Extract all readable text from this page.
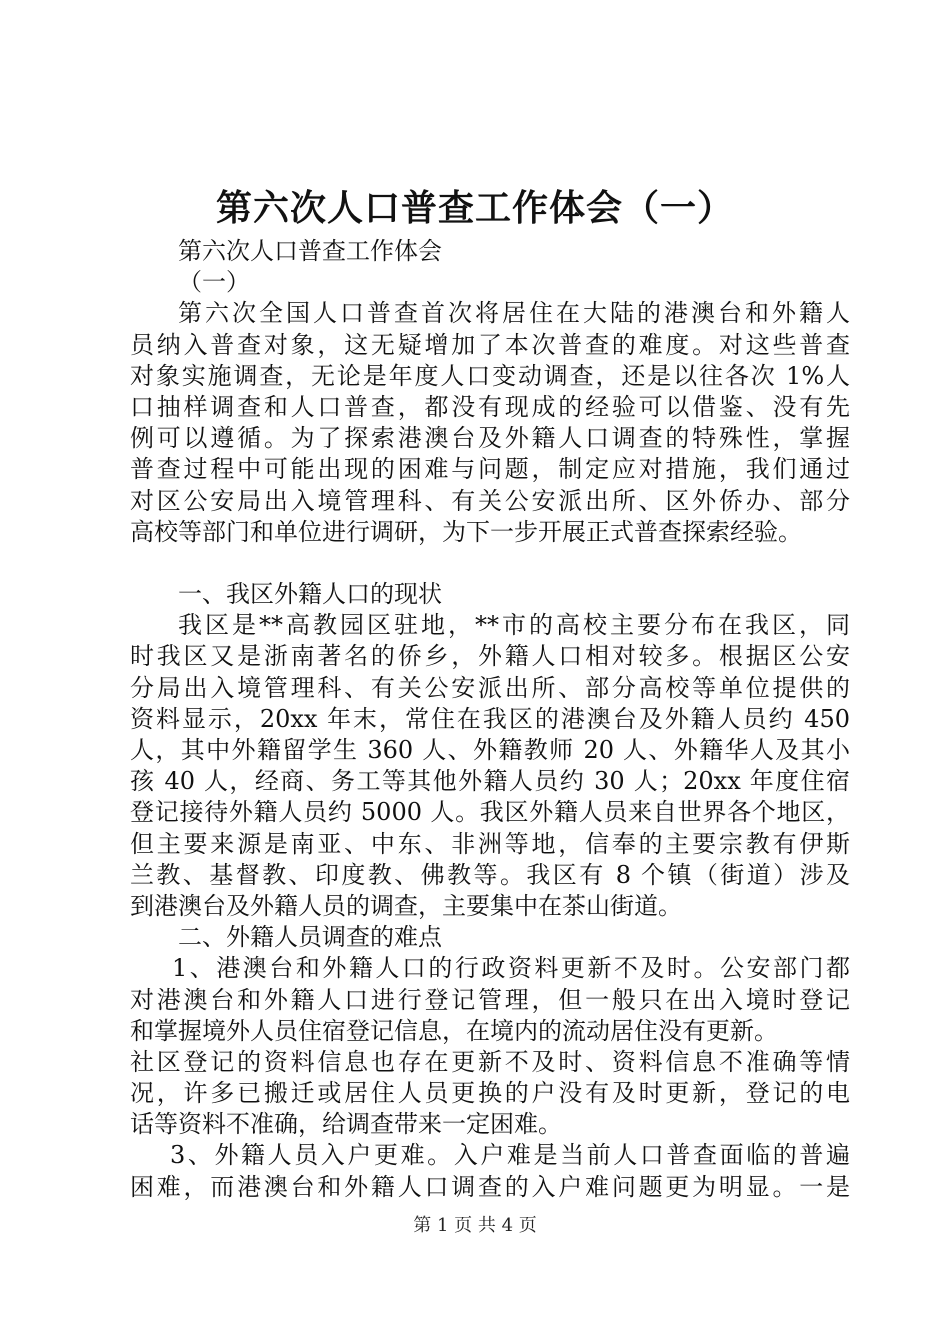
第六次人口普查工作体会（一）
第六次人口普查工作体会
（一）
第六次全国人口普查首次将居住在大陆的港澳台和外籍人
员纳入普查对象，这无疑增加了本次普查的难度。对这些普查
对象实施调查，无论是年度人口变动调查，还是以往各次 1%人
口抽样调查和人口普查，都没有现成的经验可以借鉴、没有先
例可以遵循。为了探索港澳台及外籍人口调查的特殊性，掌握
普查过程中可能出现的困难与问题，制定应对措施，我们通过
对区公安局出入境管理科、有关公安派出所、区外侨办、部分
高校等部门和单位进行调研，为下一步开展正式普查探索经验。
一、我区外籍人口的现状
我区是**高教园区驻地，**市的高校主要分布在我区，同
时我区又是浙南著名的侨乡，外籍人口相对较多。根据区公安
分局出入境管理科、有关公安派出所、部分高校等单位提供的
资料显示，20xx 年末，常住在我区的港澳台及外籍人员约 450
人，其中外籍留学生 360 人、外籍教师 20 人、外籍华人及其小
孩 40 人，经商、务工等其他外籍人员约 30 人；20xx 年度住宿
登记接待外籍人员约 5000 人。我区外籍人员来自世界各个地区，
但主要来源是南亚、中东、非洲等地，信奉的主要宗教有伊斯
兰教、基督教、印度教、佛教等。我区有 8 个镇（街道）涉及
到港澳台及外籍人员的调查，主要集中在茶山街道。
二、外籍人员调查的难点
1、港澳台和外籍人口的行政资料更新不及时。公安部门都
对港澳台和外籍人口进行登记管理，但一般只在出入境时登记
和掌握境外人员住宿登记信息，在境内的流动居住没有更新。
社区登记的资料信息也存在更新不及时、资料信息不准确等情
况，许多已搬迁或居住人员更换的户没有及时更新，登记的电
话等资料不准确，给调查带来一定困难。
3、外籍人员入户更难。入户难是当前人口普查面临的普遍
困难，而港澳台和外籍人口调查的入户难问题更为明显。一是
第 1 页 共 4 页
